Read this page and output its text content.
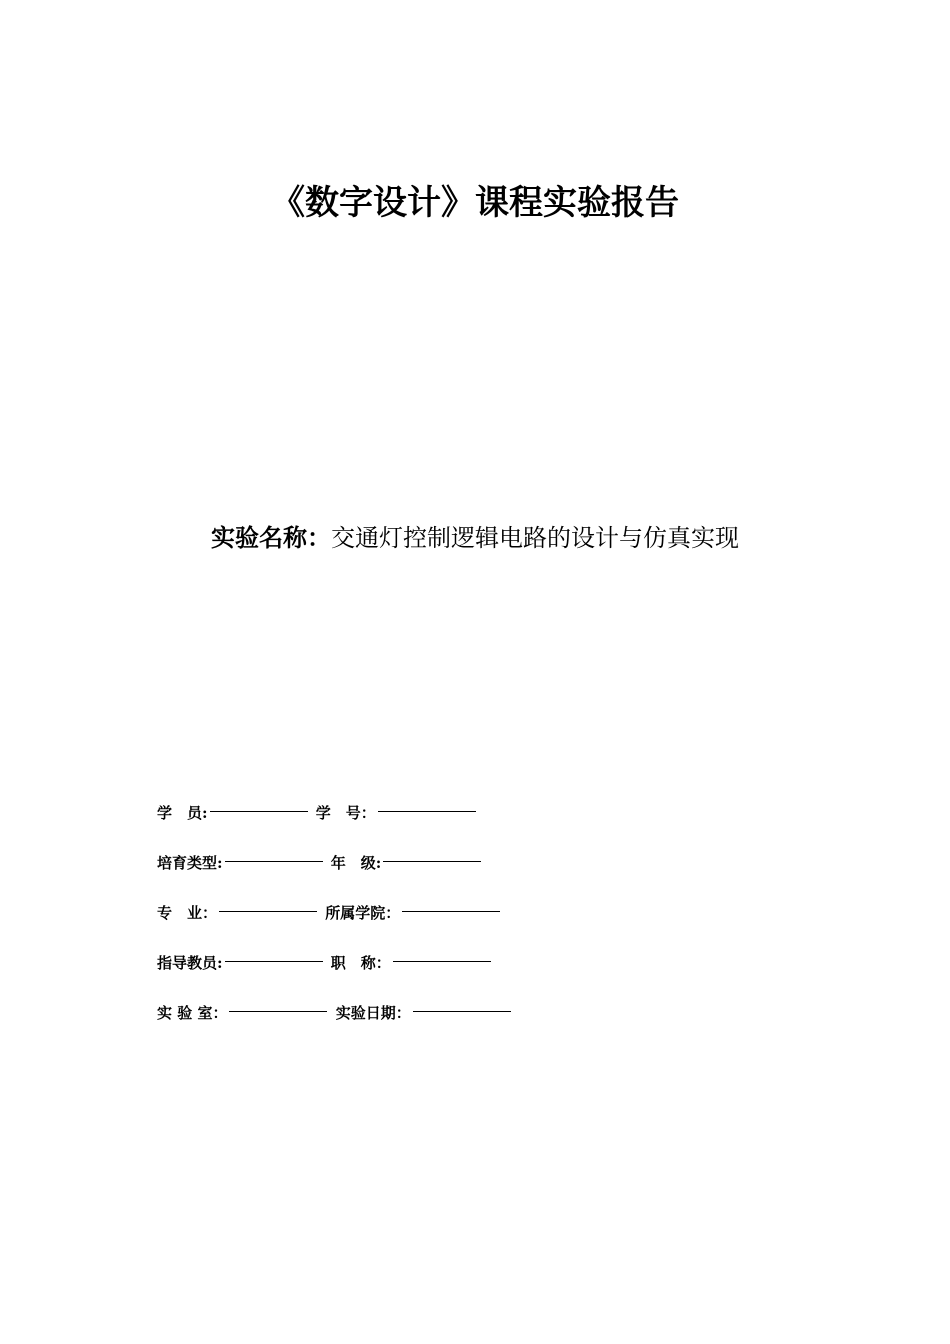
《数字设计》课程实验报告
实验名称：交通灯控制逻辑电路的设计与仿真实现
学　员:	学　号：
培育类型:	年　级:
专　业：	所属学院：
指导教员:	职　称：
实 验 室：	实验日期：
